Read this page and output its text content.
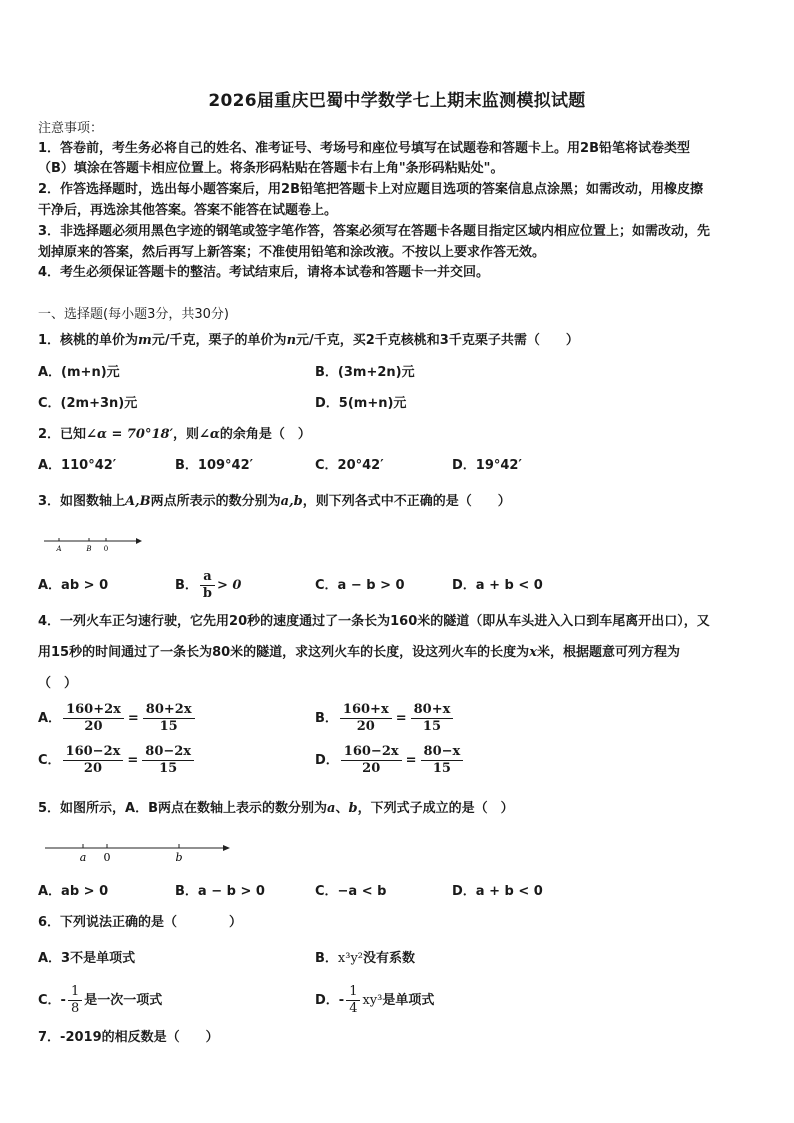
2026届重庆巴蜀中学数学七上期末监测模拟试题
注意事项：
1．答卷前，考生务必将自己的姓名、准考证号、考场号和座位号填写在试题卷和答题卡上。用2B铅笔将试卷类型
（B）填涂在答题卡相应位置上。将条形码粘贴在答题卡右上角"条形码粘贴处"。
2．作答选择题时，选出每小题答案后，用2B铅笔把答题卡上对应题目选项的答案信息点涂黑；如需改动，用橡皮擦
干净后，再选涂其他答案。答案不能答在试题卷上。
3．非选择题必须用黑色字迹的钢笔或签字笔作答，答案必须写在答题卡各题目指定区域内相应位置上；如需改动，先
划掉原来的答案，然后再写上新答案；不准使用铅笔和涂改液。不按以上要求作答无效。
4．考生必须保证答题卡的整洁。考试结束后，请将本试卷和答题卡一并交回。
一、选择题(每小题3分，共30分)
1．核桃的单价为m元/千克，栗子的单价为n元/千克，买2千克核桃和3千克栗子共需（　　）
A．(m+n)元	B．(3m+2n)元
C．(2m+3n)元	D．5(m+n)元
2．已知∠α = 70°18′，则∠α的余角是（　）
A．110°42′	B．109°42′	C．20°42′	D．19°42′
3．如图数轴上A,B两点所表示的数分别为a,b，则下列各式中不正确的是（　　）
A	B 0
A．ab > 0	B． $\frac{a}{b} > 0$	C．a − b > 0	D．a + b < 0
4．一列火车正匀速行驶，它先用20秒的速度通过了一条长为160米的隧道（即从车头进入入口到车尾离开出口），又
用15秒的时间通过了一条长为80米的隧道，求这列火车的长度，设这列火车的长度为x米，根据题意可列方程为
（　）
A． $\frac{160+2x}{20} = \frac{80+2x}{15}$	B． $\frac{160+x}{20} = \frac{80+x}{15}$
C． $\frac{160-2x}{20} = \frac{80-2x}{15}$	D． $\frac{160-2x}{20} = \frac{80-x}{15}$
5．如图所示，A．B两点在数轴上表示的数分别为a、b，下列式子成立的是（　）
a 0	b
A．ab > 0	B．a − b > 0	C．−a < b	D．a + b < 0
6．下列说法正确的是（　　　　）
A．3不是单项式	B．x³y²没有系数
C．- $\frac{1}{8}$ 是一次一项式	D．- $\frac{1}{4} xy^3$是单项式
7．-2019的相反数是（　　）
